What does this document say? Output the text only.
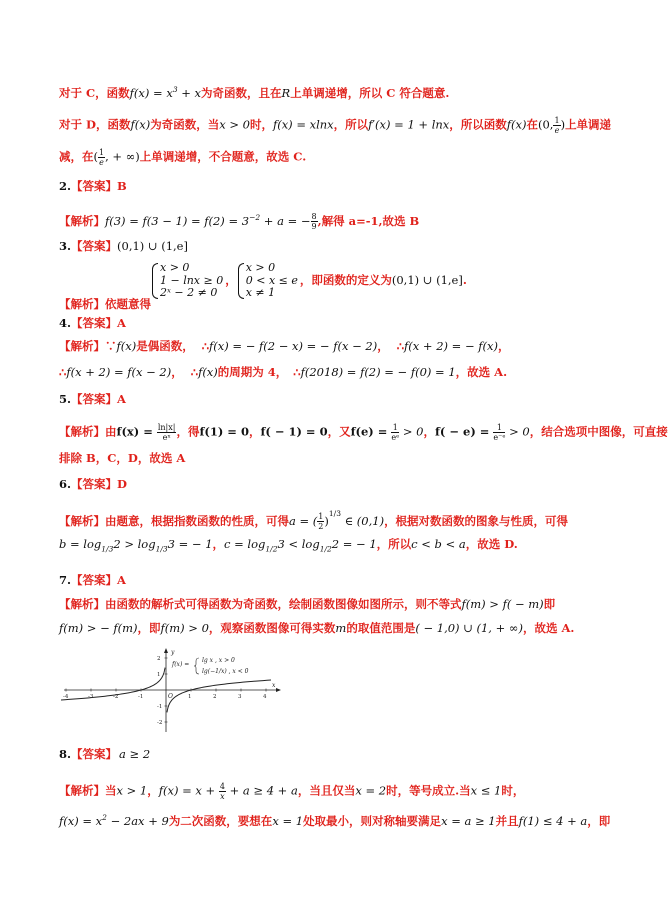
对于 C，函数$f(x) = x^3 + x$为奇函数，且在R上单调递增，所以 C 符合题意.
对于 D，函数f(x)为奇函数，当x > 0时，f(x) = xlnx，所以f′(x) = 1 + lnx，所以函数f(x)在(0, $\frac{1}{e}$ )上单调递
减，在( $\frac{1}{e}$ , + ∞)上单调递增，不合题意，故选 C.
2.【答案】B
【解析】$f(3) = f(3 - 1) = f(2) = 3^{-2} + a$ = − $\frac{8}{9}$ ,解得 a=-1,故选 B
3.【答案】(0,1) ∪ (1,e]
【解析】依题意得
x > 0
1 − lnx ≥ 0
2ˣ − 2 ≠ 0
，
x > 0
0 < x ≤ e
x ≠ 1
，即函数的定义为(0,1) ∪ (1,e].
4.【答案】A
【解析】∵f(x)是偶函数， ∴f(x) = − f(2 − x) = − f(x − 2)， ∴f(x + 2) = − f(x)，
∴f(x + 2) = f(x − 2)， ∴f(x)的周期为 4， ∴f(2018) = f(2) = − f(0) = 1，故选 A.
5.【答案】A
【解析】由$f(x) = \frac{\ln|x|}{\text{eˣ}}$ ，得f(1) = 0，f( − 1) = 0，又$f(e) = \frac{1}{\text{eᵉ}} > 0$，$f( - e) = \frac{1}{\text{e⁻ᵉ}} > 0$，结合选项中图像，可直接
排除 B，C，D，故选 A
6.【答案】D
【解析】由题意，根据指数函数的性质，可得a = ( $\frac{1}{2} )^{1/3}$ ∈ (0,1)，根据对数函数的图象与性质，可得
$b = \log_{1/3}2 > \log_{1/3}3$ = − 1，$c = \log_{1/2}3 < \log_{1/2}2$ = − 1，所以c < b < a，故选 D.
7.【答案】A
【解析】由函数的解析式可得函数为奇函数，绘制函数图像如图所示，则不等式f(m) > f( − m)即
f(m) > − f(m)，即f(m) > 0，观察函数图像可得实数m的取值范围是( − 1,0) ∪ (1, + ∞)，故选 A.
y
x
O
-4	-3	-2	-1	1	2	3	4
2
1
-1
-2
f(x) =
lg x , x > 0
lg(−1/x) , x < 0
8.【答案】 a ≥ 2
【解析】当x > 1，$f(x) = x + \frac{4}{x} + a \ge 4 + a$，当且仅当x = 2时，等号成立.当x ≤ 1时，
$f(x) = x^2 - 2ax + 9$为二次函数，要想在x = 1处取最小，则对称轴要满足x = a ≥ 1并且f(1) ≤ 4 + a，即
